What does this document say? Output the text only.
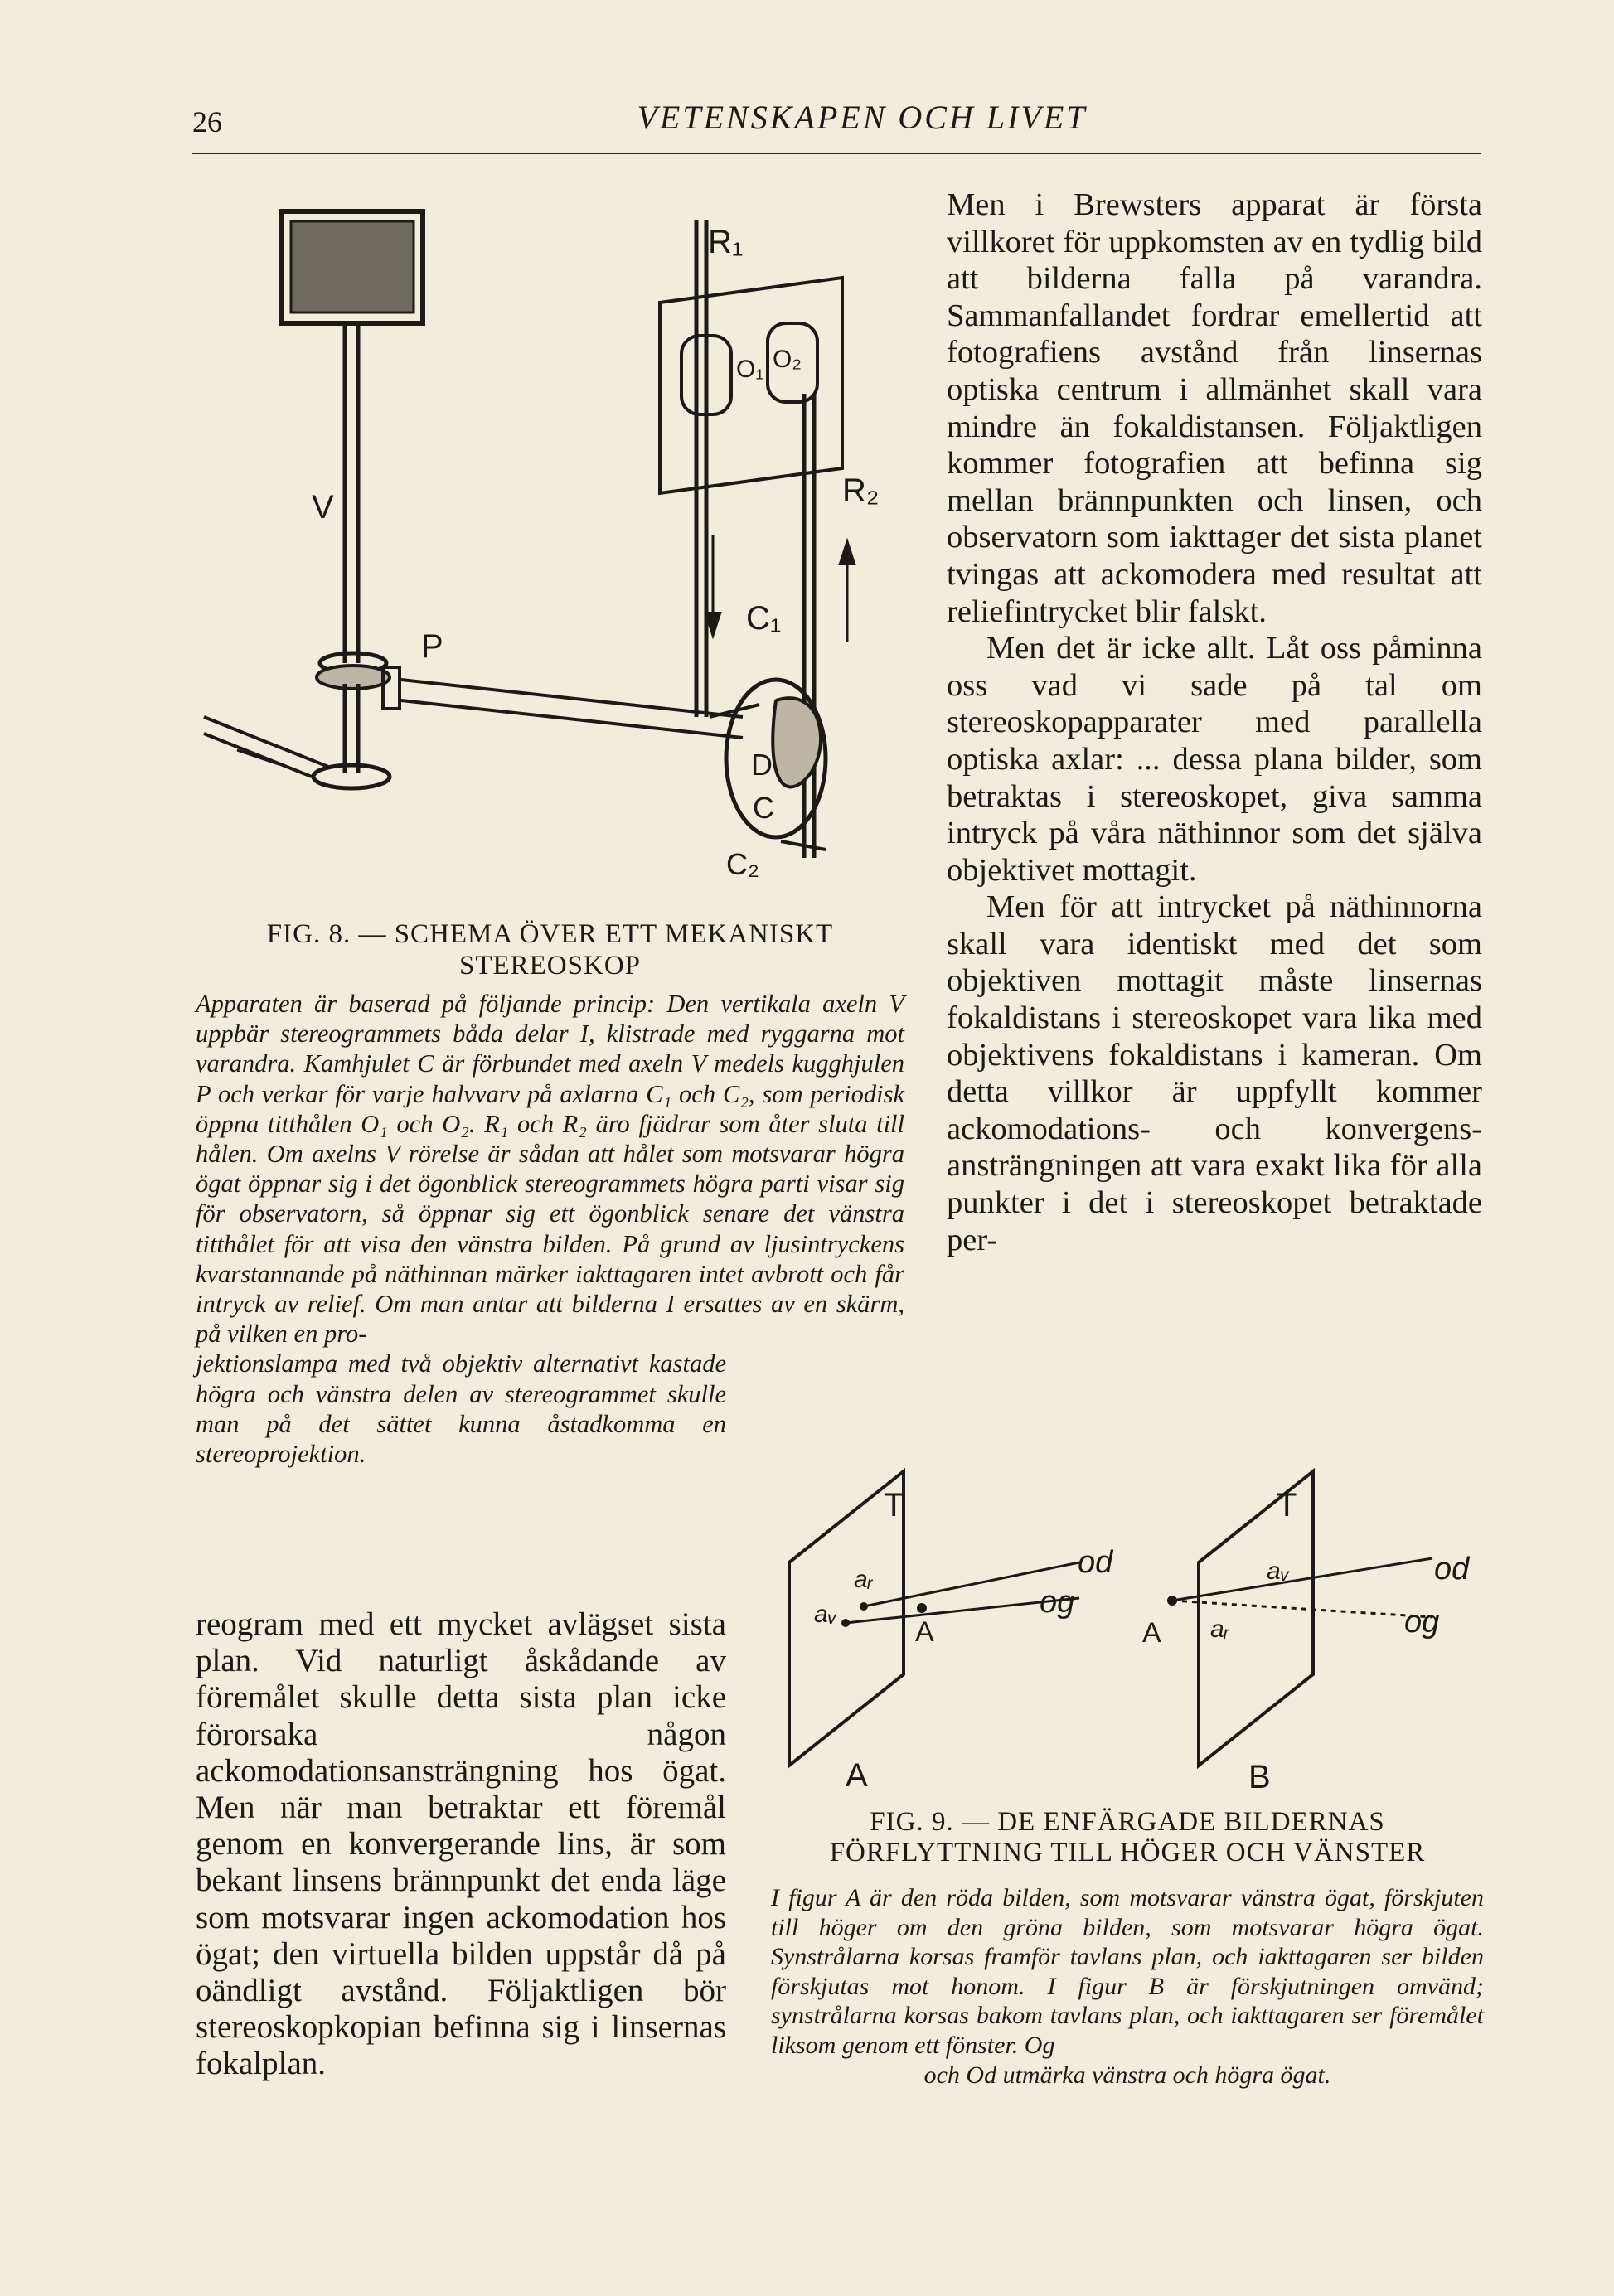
26	VETENSKAPEN OCH LIVET
R₁
O₁ O₂
R₂
V
P
C₁
D
C
C₂
FIG. 8. — SCHEMA ÖVER ETT MEKANISKT STEREOSKOP

Apparaten är baserad på följande princip: Den vertikala axeln V uppbär stereogrammets båda delar I, klistrade med ryggarna mot varandra. Kamhjulet C är förbundet med axeln V medels kugghjulen P och verkar för varje halvvarv på axlarna C₁ och C₂, som periodisk öppna titthålen O₁ och O₂. R₁ och R₂ äro fjädrar som åter sluta till hålen. Om axelns V rörelse är sådan att hålet som motsvarar högra ögat öppnar sig i det ögonblick stereogrammets högra parti visar sig för observatorn, så öppnar sig ett ögonblick senare det vänstra titthålet för att visa den vänstra bilden. På grund av ljusintryckens kvarstannande på näthinnan märker iakttagaren intet avbrott och får intryck av relief. Om man antar att bilderna I ersattes av en skärm, på vilken en pro-
jektionslampa med två objektiv alternativt kastade högra och vänstra delen av stereogrammet skulle man på det sättet kunna åstadkomma en stereoprojektion.

Men i Brewsters apparat är första villkoret för uppkomsten av en tydlig bild att bilderna falla på varandra. Sammanfallandet fordrar emellertid att fotografiens avstånd från linsernas optiska centrum i allmänhet skall vara mindre än fokaldistansen. Följaktligen kommer fotografien att befinna sig mellan brännpunkten och linsen, och observatorn som iakttager det sista planet tvingas att ackomodera med resultat att reliefintrycket blir falskt.

Men det är icke allt. Låt oss påminna oss vad vi sade på tal om stereoskopapparater med parallella optiska axlar: ... dessa plana bilder, som betraktas i stereoskopet, giva samma intryck på våra näthinnor som det själva objektivet mottagit.

Men för att intrycket på näthinnorna skall vara identiskt med det som objektiven mottagit måste linsernas fokaldistans i stereoskopet vara lika med objektivens fokaldistans i kameran. Om detta villkor är uppfyllt kommer ackomodations- och konvergens-ansträngningen att vara exakt lika för alla punkter i det i stereoskopet betraktade per-

T
aᵣ
aᵥ
A
od
og
A
T
aᵥ
aᵣ
A
od
og
B

reogram med ett mycket avlägset sista plan. Vid naturligt åskådande av föremålet skulle detta sista plan icke förorsaka någon ackomodationsansträngning hos ögat. Men när man betraktar ett föremål genom en konvergerande lins, är som bekant linsens brännpunkt det enda läge som motsvarar ingen ackomodation hos ögat; den virtuella bilden uppstår då på oändligt avstånd. Följaktligen bör stereoskopkopian befinna sig i linsernas fokalplan.

FIG. 9. — DE ENFÄRGADE BILDERNAS FÖRFLYTTNING TILL HÖGER OCH VÄNSTER

I figur A är den röda bilden, som motsvarar vänstra ögat, förskjuten till höger om den gröna bilden, som motsvarar högra ögat. Synstrålarna korsas framför tavlans plan, och iakttagaren ser bilden förskjutas mot honom. I figur B är förskjutningen omvänd; synstrålarna korsas bakom tavlans plan, och iakttagaren ser föremålet liksom genom ett fönster. Og
och Od utmärka vänstra och högra ögat.
